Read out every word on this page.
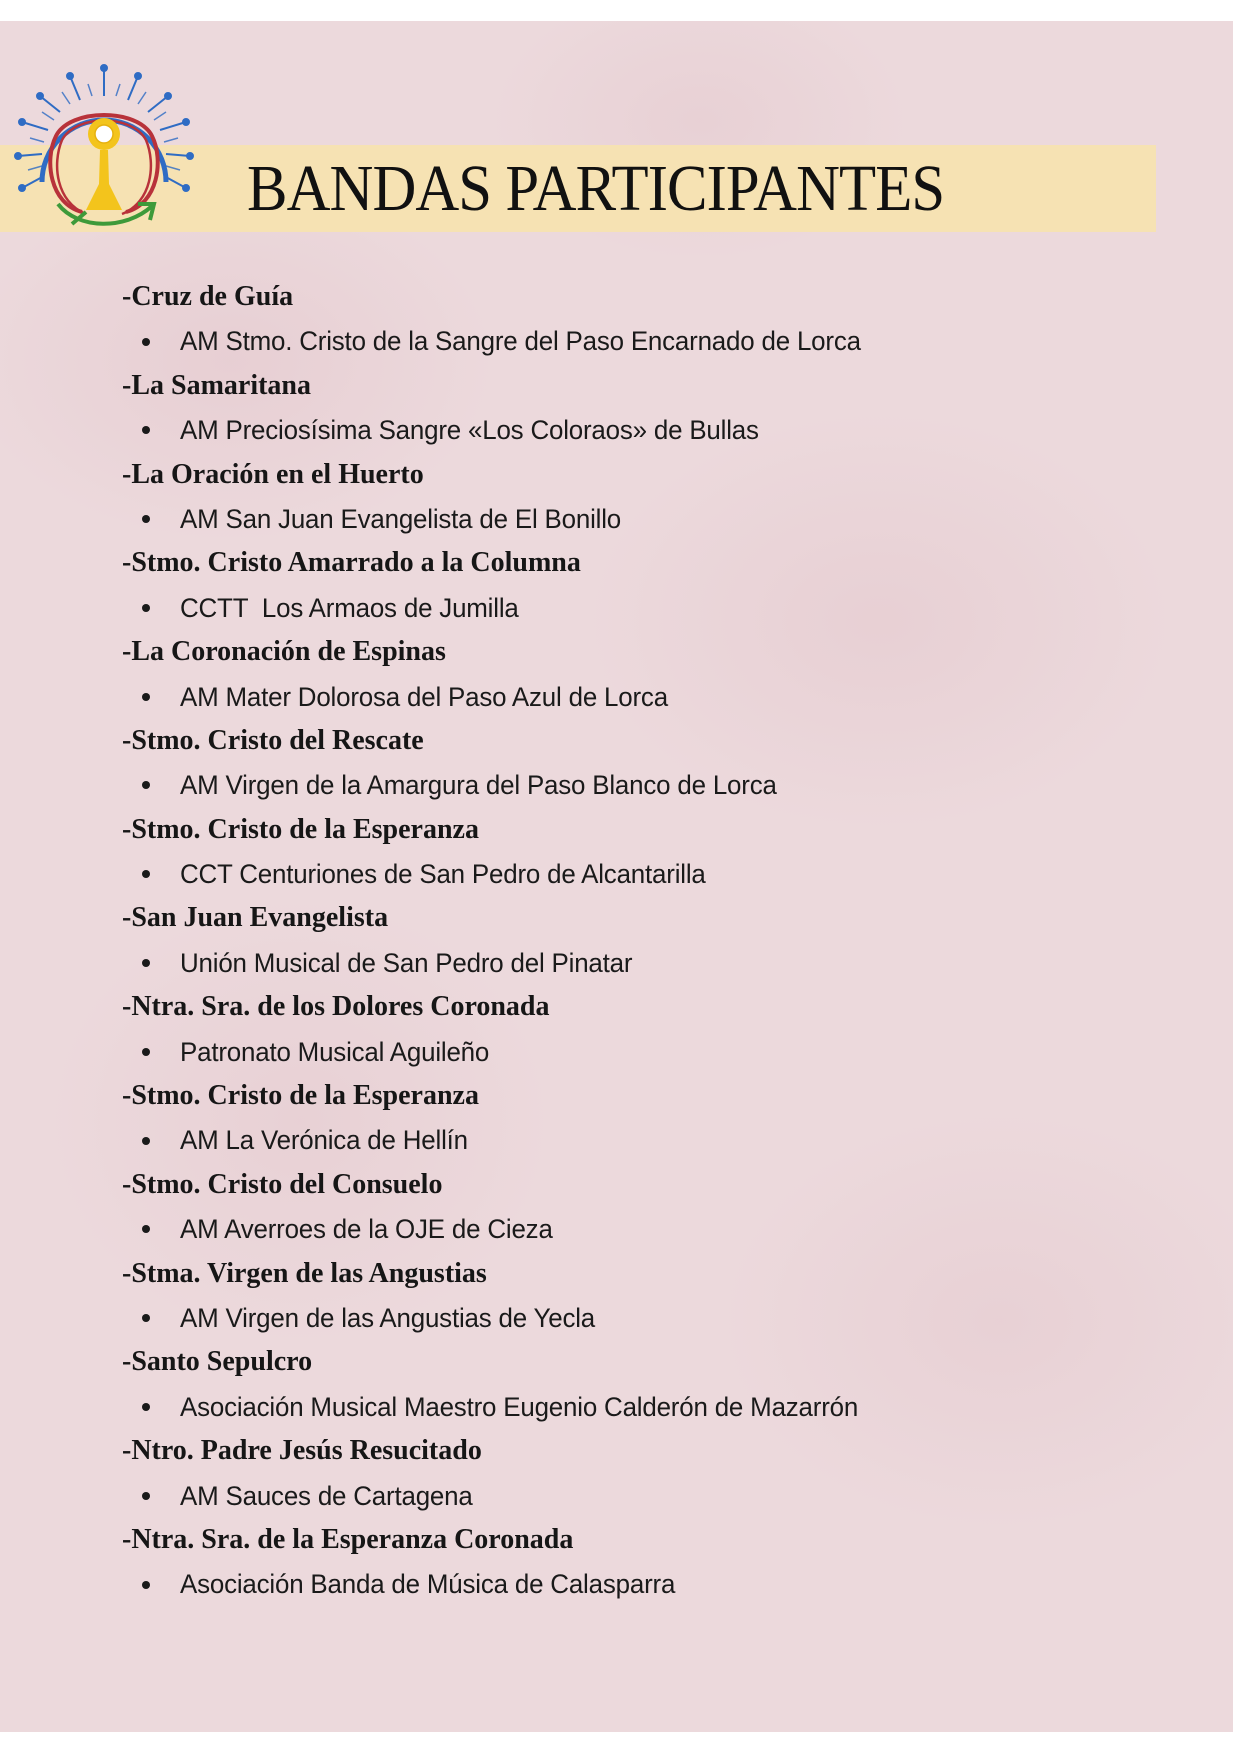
BANDAS PARTICIPANTES
-Cruz de Guía
AM Stmo. Cristo de la Sangre del Paso Encarnado de Lorca
-La Samaritana
AM Preciosísima Sangre «Los Coloraos» de Bullas
-La Oración en el Huerto
AM San Juan Evangelista de El Bonillo
-Stmo. Cristo Amarrado a la Columna
CCTT  Los Armaos de Jumilla
-La Coronación de Espinas
AM Mater Dolorosa del Paso Azul de Lorca
-Stmo. Cristo del Rescate
AM Virgen de la Amargura del Paso Blanco de Lorca
-Stmo. Cristo de la Esperanza
CCT Centuriones de San Pedro de Alcantarilla
-San Juan Evangelista
Unión Musical de San Pedro del Pinatar
-Ntra. Sra. de los Dolores Coronada
Patronato Musical Aguileño
-Stmo. Cristo de la Esperanza
AM La Verónica de Hellín
-Stmo. Cristo del Consuelo
AM Averroes de la OJE de Cieza
-Stma. Virgen de las Angustias
AM Virgen de las Angustias de Yecla
-Santo Sepulcro
Asociación Musical Maestro Eugenio Calderón de Mazarrón
-Ntro. Padre Jesús Resucitado
AM Sauces de Cartagena
-Ntra. Sra. de la Esperanza Coronada
Asociación Banda de Música de Calasparra
